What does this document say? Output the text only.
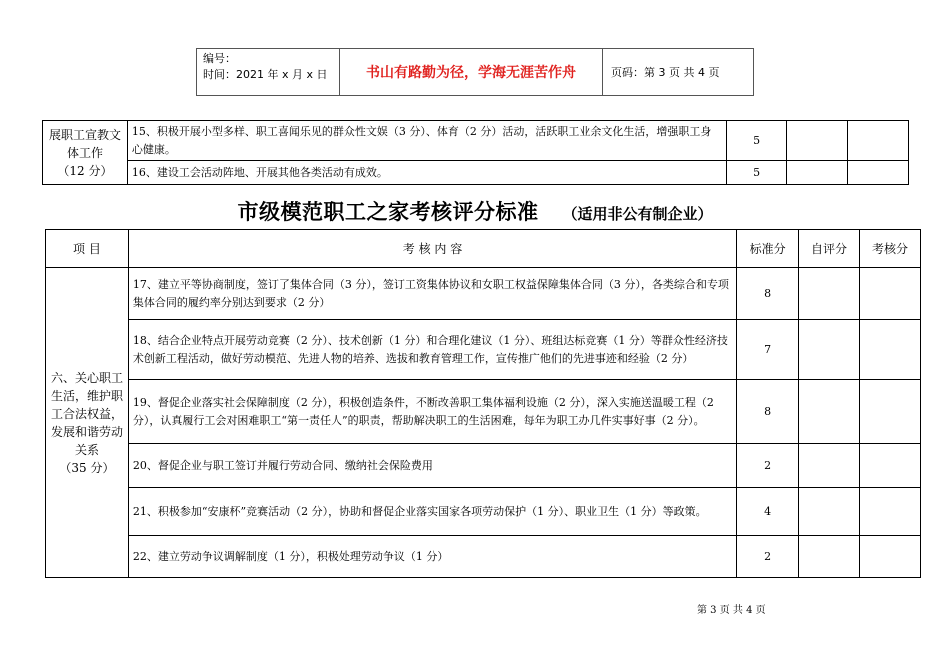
编号：
时间：2021 年 x 月 x 日	书山有路勤为径，学海无涯苦作舟	页码：第 3 页 共 4 页
展职工宣教文体工作
（12 分）	15、积极开展小型多样、职工喜闻乐见的群众性文娱（3 分）、体育（2 分）活动，活跃职工业余文化生活，增强职工身心健康。	5		
	16、建设工会活动阵地、开展其他各类活动有成效。	5		
市级模范职工之家考核评分标准 （适用非公有制企业）
项 目	考 核 内 容	标准分	自评分	考核分

六、关心职工生活，维护职工合法权益，发展和谐劳动关系
（35 分）	17、建立平等协商制度，签订了集体合同（3 分），签订工资集体协议和女职工权益保障集体合同（3 分），各类综合和专项集体合同的履约率分别达到要求（2 分）	8		
	18、结合企业特点开展劳动竞赛（2 分）、技术创新（1 分）和合理化建议（1 分）、班组达标竞赛（1 分）等群众性经济技术创新工程活动，做好劳动模范、先进人物的培养、选拔和教育管理工作，宣传推广他们的先进事迹和经验（2 分）	7		
	19、督促企业落实社会保障制度（2 分），积极创造条件，不断改善职工集体福利设施（2 分），深入实施送温暖工程（2 分），认真履行工会对困难职工“第一责任人”的职责，帮助解决职工的生活困难，每年为职工办几件实事好事（2 分）。	8		
	20、督促企业与职工签订并履行劳动合同、缴纳社会保险费用	2		
	21、积极参加“安康杯”竞赛活动（2 分），协助和督促企业落实国家各项劳动保护（1 分）、职业卫生（1 分）等政策。	4		
	22、建立劳动争议调解制度（1 分），积极处理劳动争议（1 分）	2		
第 3 页 共 4 页
